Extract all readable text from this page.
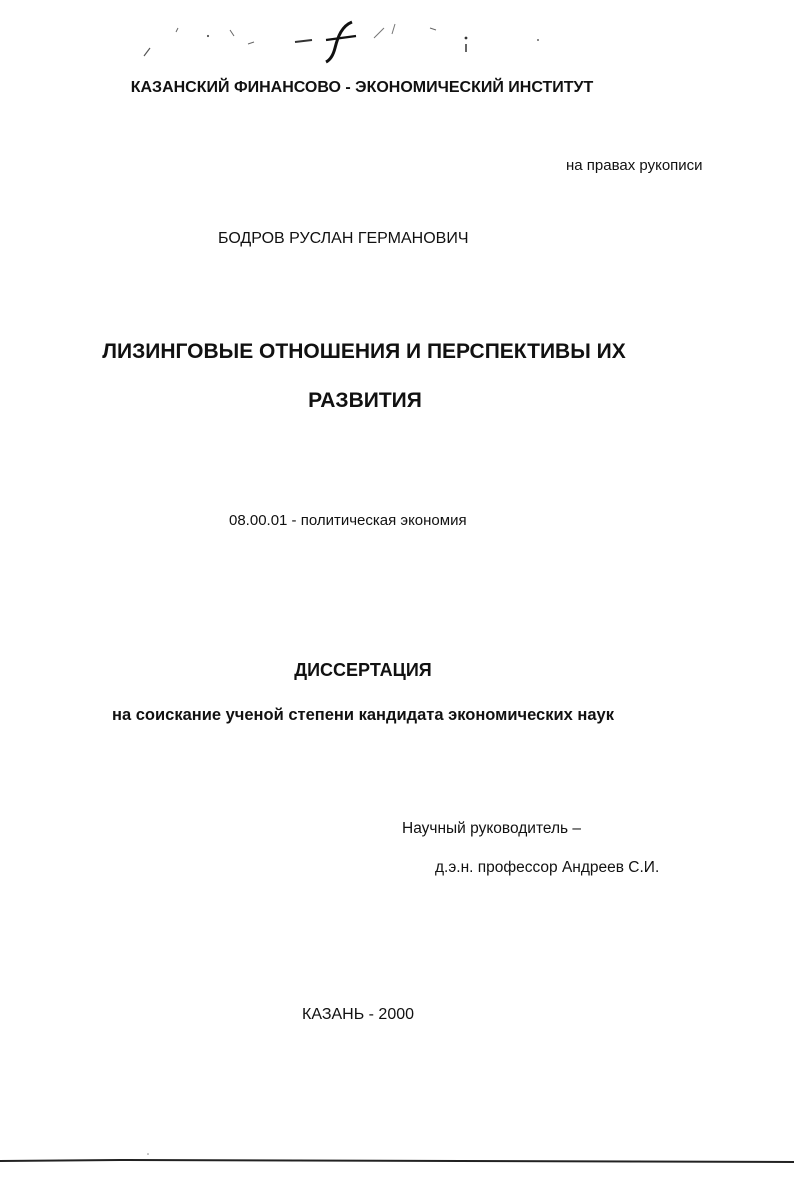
КАЗАНСКИЙ ФИНАНСОВО - ЭКОНОМИЧЕСКИЙ ИНСТИТУТ
на правах рукописи
БОДРОВ РУСЛАН ГЕРМАНОВИЧ
ЛИЗИНГОВЫЕ ОТНОШЕНИЯ И ПЕРСПЕКТИВЫ ИХ
РАЗВИТИЯ
08.00.01 - политическая экономия
ДИССЕРТАЦИЯ
на соискание ученой степени кандидата экономических наук
Научный руководитель –
д.э.н. профессор Андреев С.И.
КАЗАНЬ - 2000
